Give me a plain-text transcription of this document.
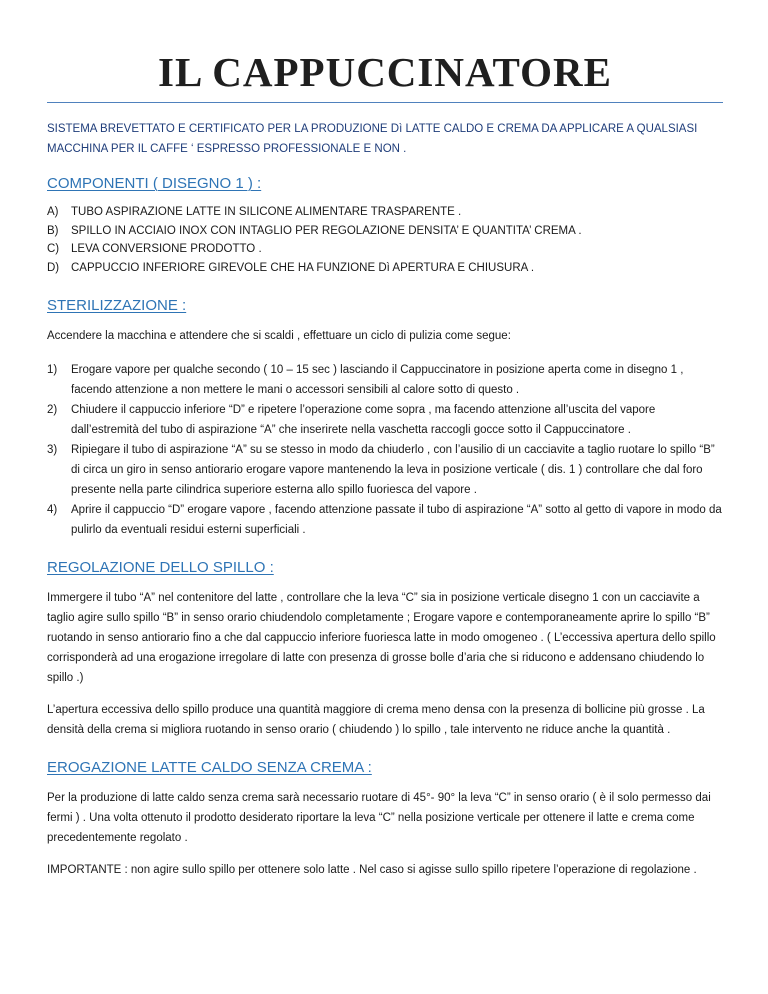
IL CAPPUCCINATORE

SISTEMA BREVETTATO E CERTIFICATO PER LA PRODUZIONE Dì LATTE CALDO E CREMA DA APPLICARE A QUALSIASI MACCHINA PER IL CAFFE ‘ ESPRESSO PROFESSIONALE E NON .

COMPONENTI ( DISEGNO 1 ) :
A)	TUBO ASPIRAZIONE LATTE IN SILICONE ALIMENTARE TRASPARENTE .
B)	SPILLO IN ACCIAIO INOX CON INTAGLIO PER REGOLAZIONE DENSITA’ E QUANTITA’ CREMA .
C)	LEVA CONVERSIONE PRODOTTO .
D)	CAPPUCCIO INFERIORE GIREVOLE CHE HA FUNZIONE Dì APERTURA E CHIUSURA .
STERILIZZAZIONE :

Accendere la macchina e attendere che si scaldi , effettuare un ciclo di pulizia come segue:

1)	Erogare vapore per qualche secondo ( 10 – 15 sec ) lasciando il Cappuccinatore in posizione aperta come in disegno 1 , facendo attenzione a non mettere le mani o accessori sensibili al calore sotto di questo .
2)	Chiudere il cappuccio inferiore “D” e ripetere l’operazione come sopra , ma facendo attenzione all’uscita del vapore dall’estremità del tubo di aspirazione “A” che inserirete nella vaschetta raccogli gocce sotto il Cappuccinatore .
3)	Ripiegare il tubo di aspirazione “A” su se stesso in modo da chiuderlo , con l’ausilio di un cacciavite a taglio ruotare lo spillo “B” di circa un giro in senso antiorario erogare vapore mantenendo la leva in posizione verticale ( dis. 1 ) controllare che dal foro presente nella parte cilindrica superiore esterna allo spillo fuoriesca del vapore .
4)	Aprire il cappuccio “D” erogare vapore , facendo attenzione passate il tubo di aspirazione “A” sotto al getto di vapore in modo da pulirlo da eventuali residui esterni superficiali .
REGOLAZIONE DELLO SPILLO :

Immergere il tubo “A” nel contenitore del latte , controllare che la leva “C” sia in posizione verticale disegno 1 con un cacciavite a taglio agire sullo spillo “B” in senso orario chiudendolo completamente ; Erogare vapore e contemporaneamente aprire lo spillo “B” ruotando in senso antiorario fino a che dal cappuccio inferiore fuoriesca latte in modo omogeneo . ( L’eccessiva apertura dello spillo corrisponderà ad una erogazione irregolare di latte con presenza di grosse bolle d’aria che si riducono e addensano chiudendo lo spillo .)

L’apertura eccessiva dello spillo produce una quantità maggiore di crema meno densa con la presenza di bollicine più grosse . La densità della crema si migliora ruotando in senso orario ( chiudendo ) lo spillo , tale intervento ne riduce anche la quantità .

EROGAZIONE LATTE CALDO SENZA CREMA :

Per la produzione di latte caldo senza crema sarà necessario ruotare di 45°- 90° la leva “C” in senso orario ( è il solo permesso dai fermi ) . Una volta ottenuto il prodotto desiderato riportare la leva “C” nella posizione verticale per ottenere il latte e crema come precedentemente regolato .

IMPORTANTE : non agire sullo spillo per ottenere solo latte . Nel caso si agisse sullo spillo ripetere l’operazione di regolazione .
